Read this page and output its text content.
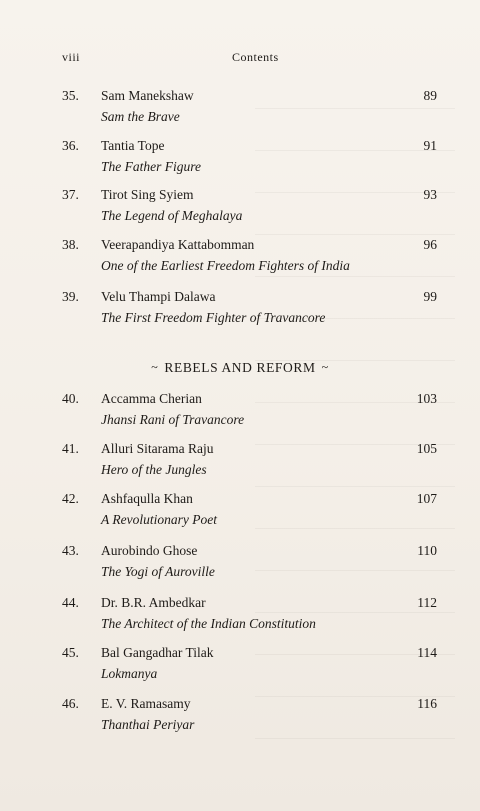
viii	Contents
35. Sam Manekshaw
Sam the Brave
89
36. Tantia Tope
The Father Figure
91
37. Tirot Sing Syiem
The Legend of Meghalaya
93
38. Veerapandiya Kattabomman
One of the Earliest Freedom Fighters of India
96
39. Velu Thampi Dalawa
The First Freedom Fighter of Travancore
99
~ REBELS AND REFORM ~
40. Accamma Cherian
Jhansi Rani of Travancore
103
41. Alluri Sitarama Raju
Hero of the Jungles
105
42. Ashfaqulla Khan
A Revolutionary Poet
107
43. Aurobindo Ghose
The Yogi of Auroville
110
44. Dr. B.R. Ambedkar
The Architect of the Indian Constitution
112
45. Bal Gangadhar Tilak
Lokmanya
114
46. E. V. Ramasamy
Thanthai Periyar
116
